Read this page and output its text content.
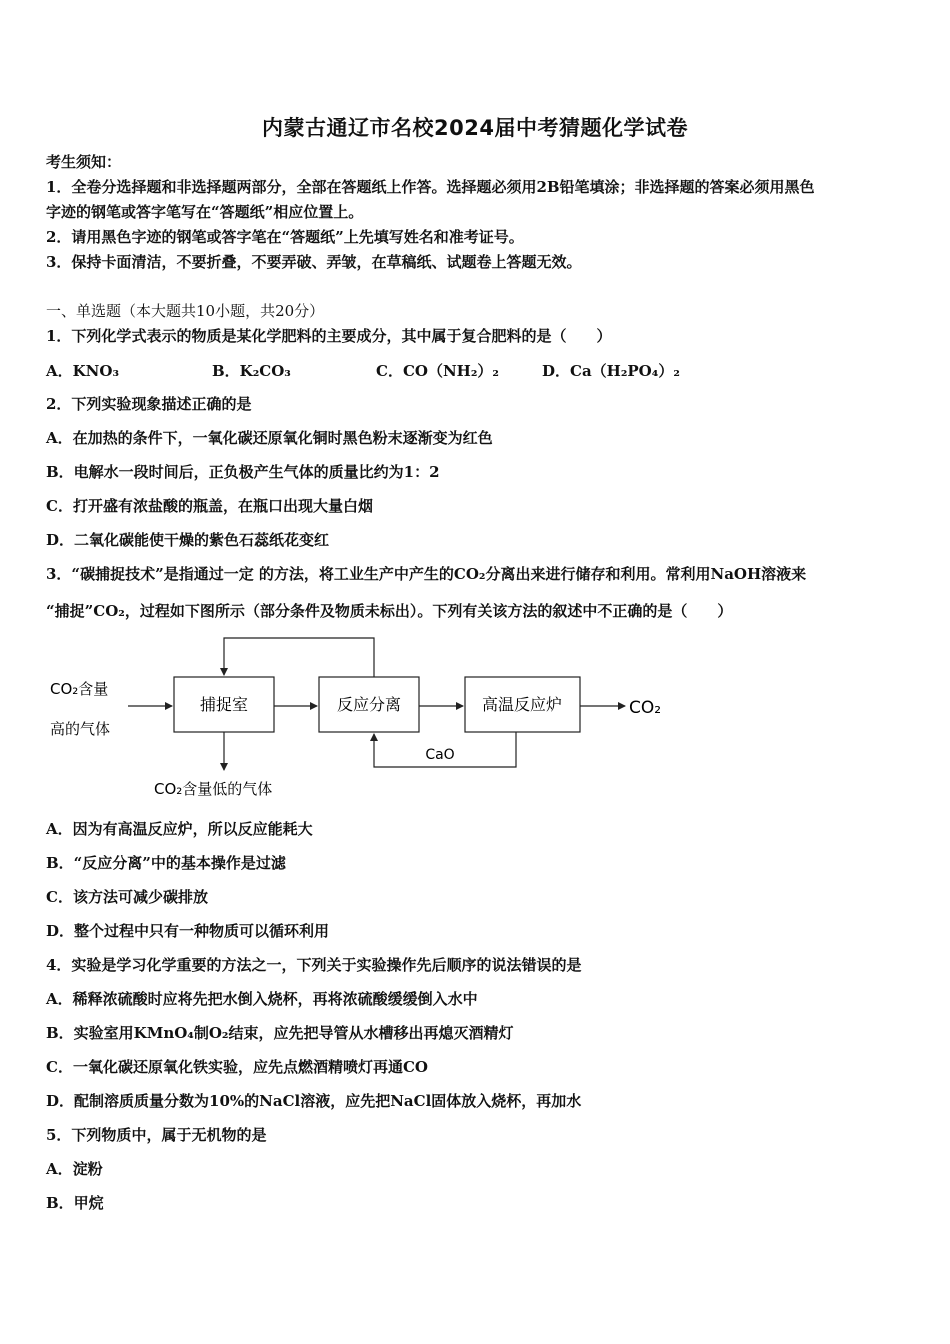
内蒙古通辽市名校2024届中考猜题化学试卷
考生须知：
1．全卷分选择题和非选择题两部分，全部在答题纸上作答。选择题必须用2B铅笔填涂；非选择题的答案必须用黑色
字迹的钢笔或答字笔写在“答题纸”相应位置上。
2．请用黑色字迹的钢笔或答字笔在“答题纸”上先填写姓名和准考证号。
3．保持卡面清洁，不要折叠，不要弄破、弄皱，在草稿纸、试题卷上答题无效。
一、单选题（本大题共10小题，共20分）
1．下列化学式表示的物质是某化学肥料的主要成分，其中属于复合肥料的是（　　）
A．KNO₃	B．K₂CO₃	C．CO（NH₂）₂	D．Ca（H₂PO₄）₂
2．下列实验现象描述正确的是
A．在加热的条件下，一氧化碳还原氧化铜时黑色粉末逐渐变为红色
B．电解水一段时间后，正负极产生气体的质量比约为1：2
C．打开盛有浓盐酸的瓶盖，在瓶口出现大量白烟
D．二氧化碳能使干燥的紫色石蕊纸花变红
3．“碳捕捉技术”是指通过一定 的方法，将工业生产中产生的CO₂分离出来进行储存和利用。常利用NaOH溶液来
“捕捉”CO₂，过程如下图所示（部分条件及物质未标出）。下列有关该方法的叙述中不正确的是（　　）
捕捉室	反应分离	高温反应炉
CO₂含量
高的气体
CO₂
CaO
CO₂含量低的气体
A．因为有高温反应炉，所以反应能耗大
B．“反应分离”中的基本操作是过滤
C．该方法可减少碳排放
D．整个过程中只有一种物质可以循环利用
4．实验是学习化学重要的方法之一，下列关于实验操作先后顺序的说法错误的是
A．稀释浓硫酸时应将先把水倒入烧杯，再将浓硫酸缓缓倒入水中
B．实验室用KMnO₄制O₂结束，应先把导管从水槽移出再熄灭酒精灯
C．一氧化碳还原氧化铁实验，应先点燃酒精喷灯再通CO
D．配制溶质质量分数为10%的NaCl溶液，应先把NaCl固体放入烧杯，再加水
5．下列物质中，属于无机物的是
A．淀粉
B．甲烷
